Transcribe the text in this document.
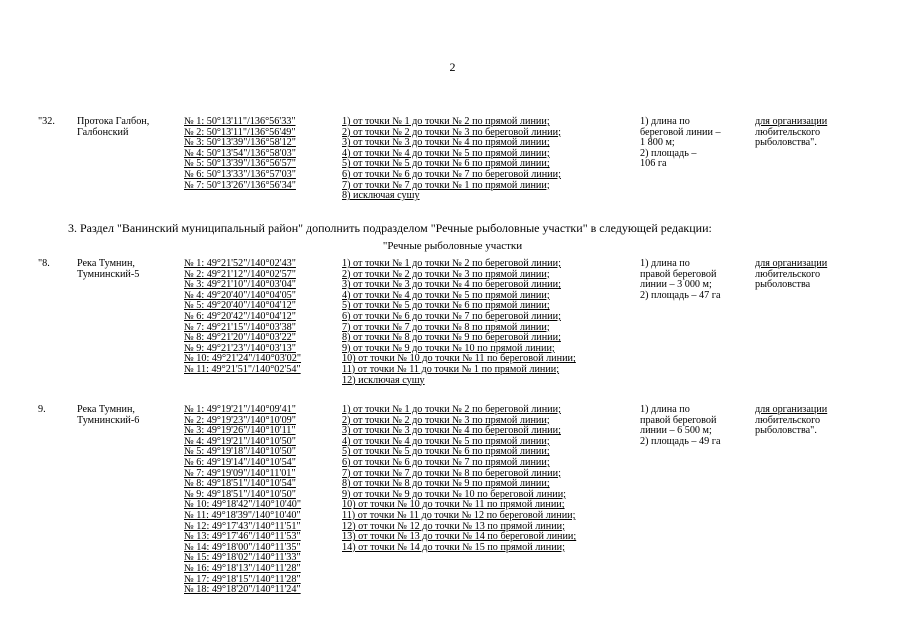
2
"32. Протока Галбон, Галбонский
№ 1: 50°13'11"/136°56'33"
№ 2: 50°13'11"/136°56'49"
№ 3: 50°13'39"/136°58'12"
№ 4: 50°13'54"/136°58'03"
№ 5: 50°13'39"/136°56'57"
№ 6: 50°13'33"/136°57'03"
№ 7: 50°13'26"/136°56'34"
1) от точки № 1 до точки № 2 по прямой линии;
2) от точки № 2 до точки № 3 по береговой линии;
3) от точки № 3 до точки № 4 по прямой линии;
4) от точки № 4 до точки № 5 по прямой линии;
5) от точки № 5 до точки № 6 по прямой линии;
6) от точки № 6 до точки № 7 по береговой линии;
7) от точки № 7 до точки № 1 по прямой линии;
8) исключая сушу
1) длина по
береговой линии –
1 800 м;
2) площадь –
106 га
для организации
любительского
рыболовства".
3. Раздел "Ванинский муниципальный район" дополнить подразделом "Речные рыболовные участки" в следующей редакции:
"Речные рыболовные участки
"8.	Река Тумнин, Тумнинский-5
№ 1: 49°21'52"/140°02'43"
№ 2: 49°21'12"/140°02'57"
№ 3: 49°21'10"/140°03'04"
№ 4: 49°20'40"/140°04'05"
№ 5: 49°20'40"/140°04'12"
№ 6: 49°20'42"/140°04'12"
№ 7: 49°21'15"/140°03'38"
№ 8: 49°21'20"/140°03'22"
№ 9: 49°21'23"/140°03'13"
№ 10: 49°21'24"/140°03'02"
№ 11: 49°21'51"/140°02'54"
1) от точки № 1 до точки № 2 по береговой линии;
2) от точки № 2 до точки № 3 по прямой линии;
3) от точки № 3 до точки № 4 по береговой линии;
4) от точки № 4 до точки № 5 по прямой линии;
5) от точки № 5 до точки № 6 по прямой линии;
6) от точки № 6 до точки № 7 по береговой линии;
7) от точки № 7 до точки № 8 по прямой линии;
8) от точки № 8 до точки № 9 по береговой линии;
9) от точки № 9 до точки № 10 по прямой линии;
10) от точки № 10 до точки № 11 по береговой линии;
11) от точки № 11 до точки № 1 по прямой линии;
12) исключая сушу
1) длина по
правой береговой
линии – 3 000 м;
2) площадь – 47 га
для организации
любительского
рыболовства
9.	Река Тумнин, Тумнинский-6
№ 1: 49°19'21"/140°09'41"
№ 2: 49°19'23"/140°10'09"
№ 3: 49°19'26"/140°10'11"
№ 4: 49°19'21"/140°10'50"
№ 5: 49°19'18"/140°10'50"
№ 6: 49°19'14"/140°10'54"
№ 7: 49°19'09"/140°11'01"
№ 8: 49°18'51"/140°10'54"
№ 9: 49°18'51"/140°10'50"
№ 10: 49°18'42"/140°10'40"
№ 11: 49°18'39"/140°10'40"
№ 12: 49°17'43"/140°11'51"
№ 13: 49°17'46"/140°11'53"
№ 14: 49°18'00"/140°11'35"
№ 15: 49°18'02"/140°11'33"
№ 16: 49°18'13"/140°11'28"
№ 17: 49°18'15"/140°11'28"
№ 18: 49°18'20"/140°11'24"
1) от точки № 1 до точки № 2 по береговой линии;
2) от точки № 2 до точки № 3 по прямой линии;
3) от точки № 3 до точки № 4 по береговой линии;
4) от точки № 4 до точки № 5 по прямой линии;
5) от точки № 5 до точки № 6 по прямой линии;
6) от точки № 6 до точки № 7 по прямой линии;
7) от точки № 7 до точки № 8 по береговой линии;
8) от точки № 8 до точки № 9 по прямой линии;
9) от точки № 9 до точки № 10 по береговой линии;
10) от точки № 10 до точки № 11 по прямой линии;
11) от точки № 11 до точки № 12 по береговой линии;
12) от точки № 12 до точки № 13 по прямой линии;
13) от точки № 13 до точки № 14 по береговой линии;
14) от точки № 14 до точки № 15 по прямой линии;
1) длина по
правой береговой
линии – 6 500 м;
2) площадь – 49 га
для организации
любительского
рыболовства".
